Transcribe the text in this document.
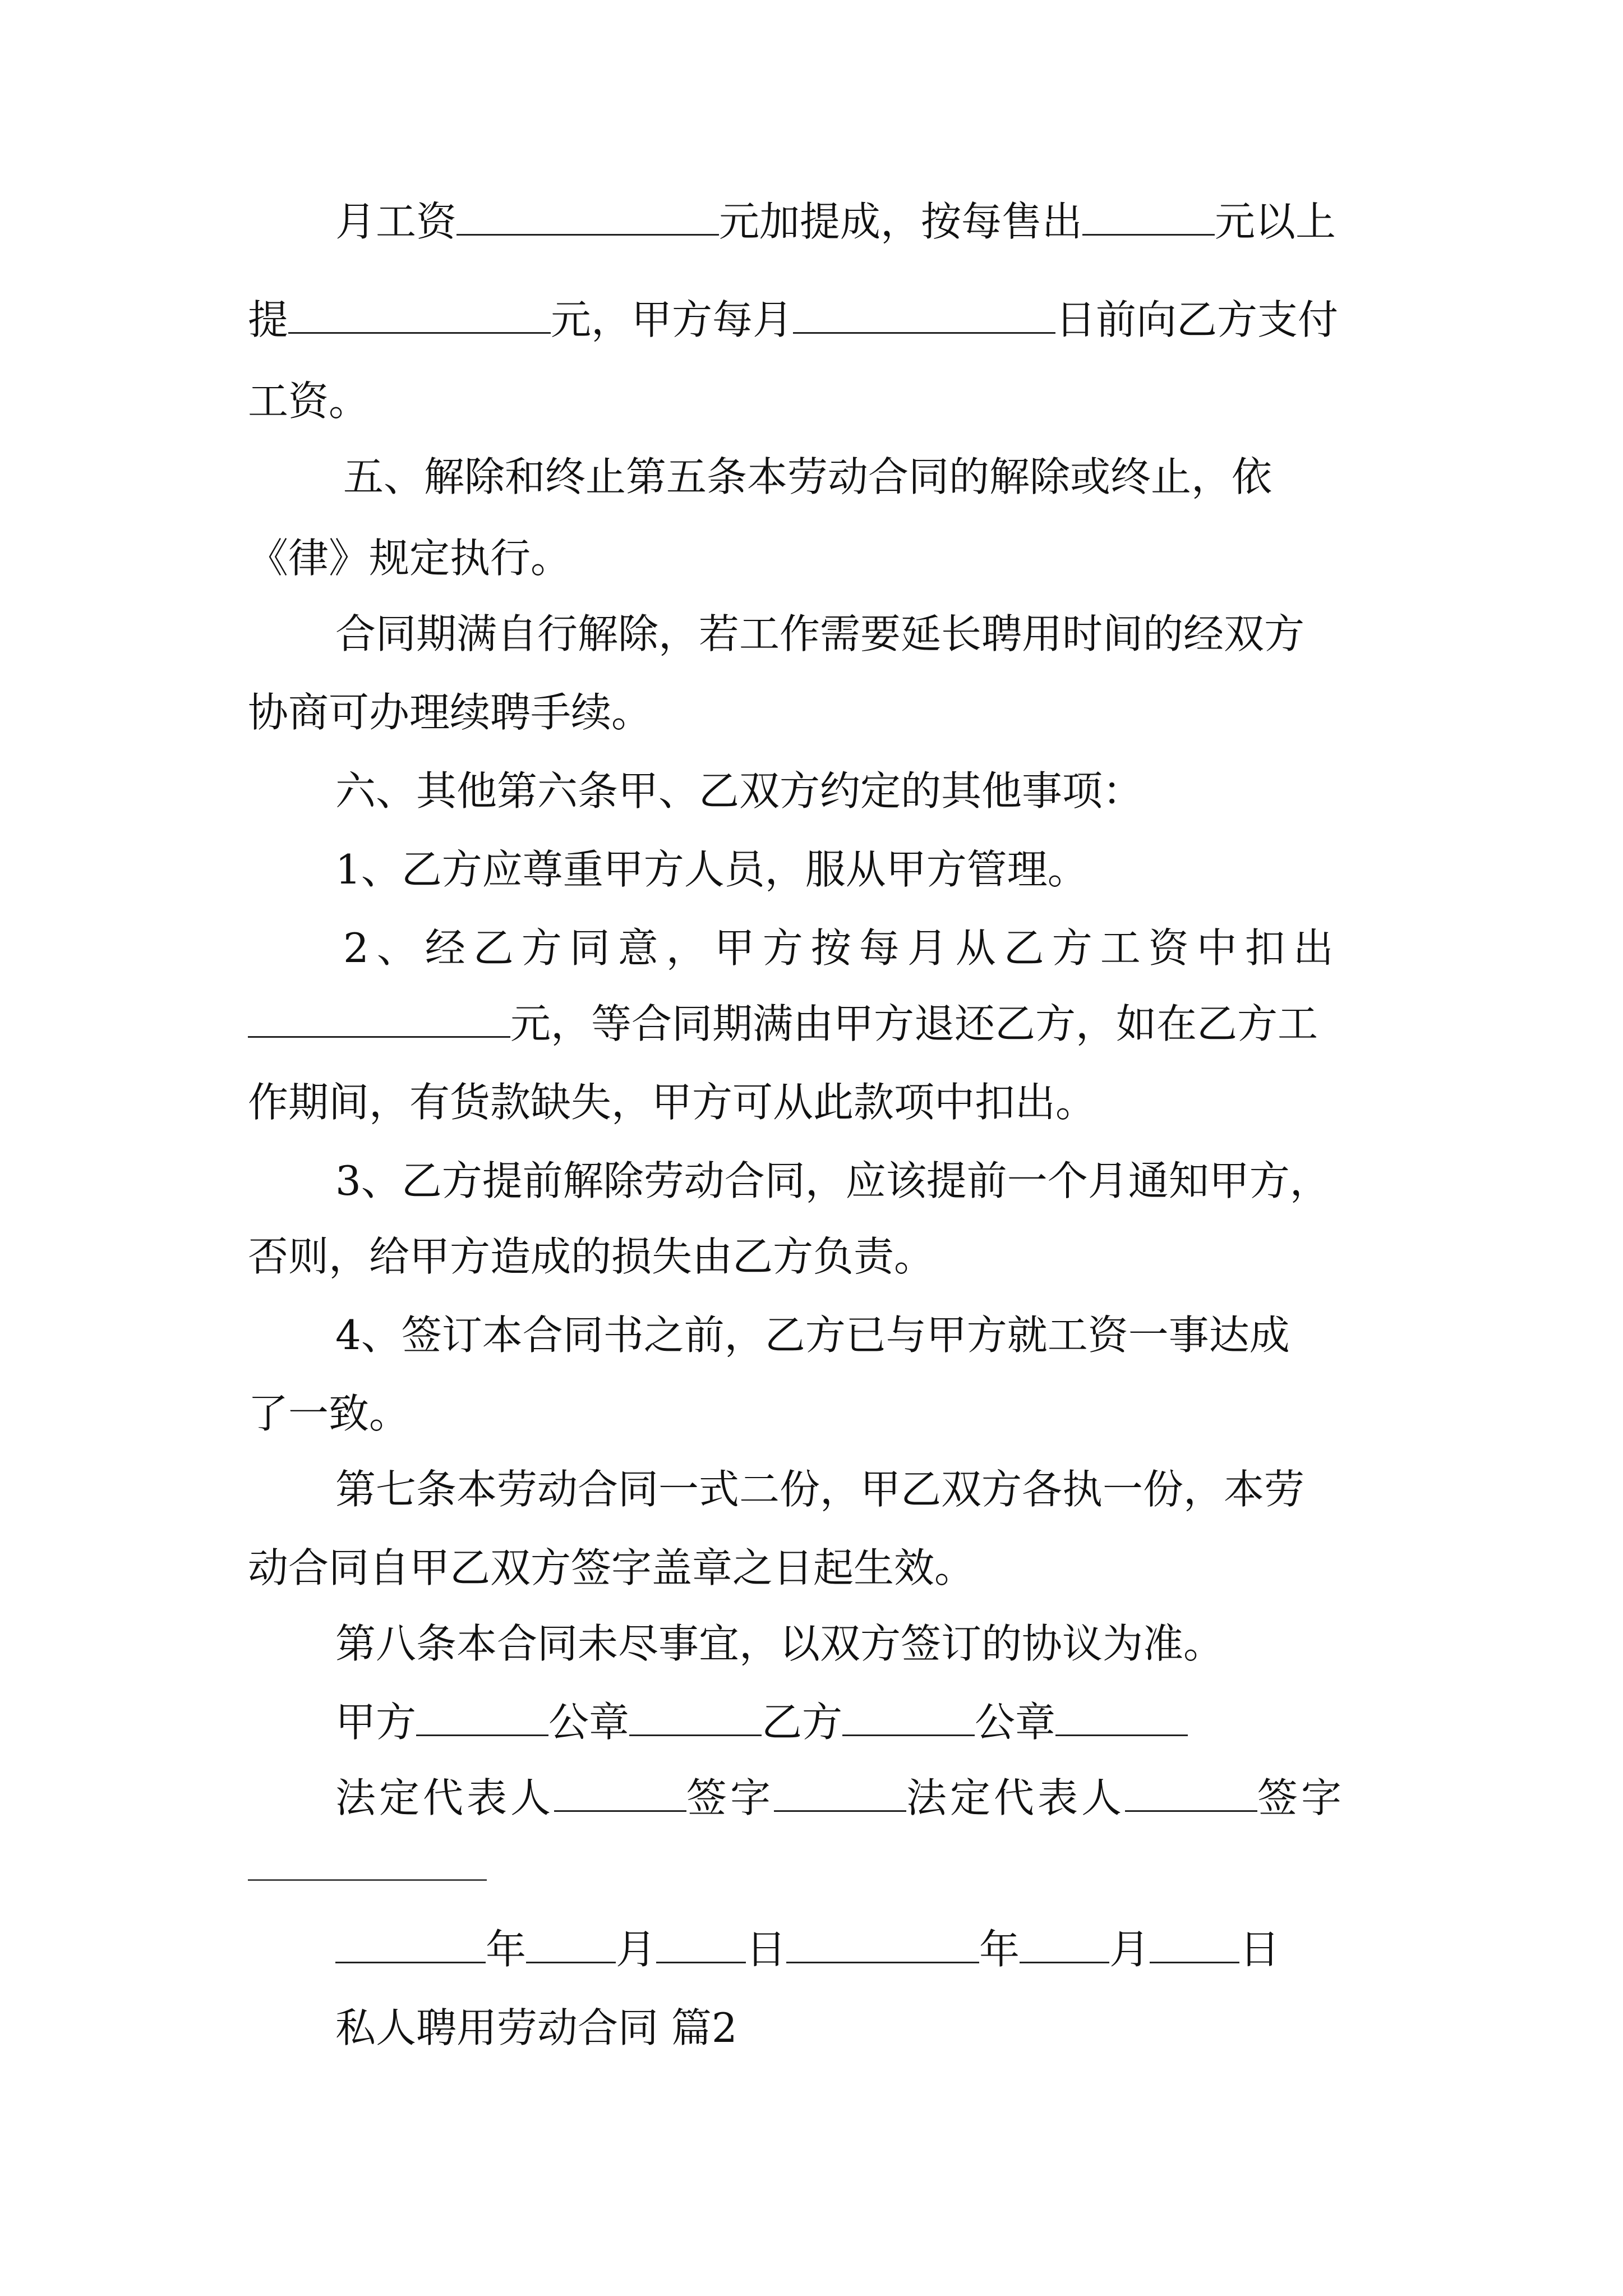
月工资	元加提成，按每售出	元以上
提	元，甲方每月	日前向乙方支付
工资。
五、解除和终止第五条本劳动合同的解除或终止，依
《律》规定执行。
合同期满自行解除，若工作需要延长聘用时间的经双方
协商可办理续聘手续。
六、其他第六条甲、乙双方约定的其他事项：
1、乙方应尊重甲方人员，服从甲方管理。
2、经乙方同意，甲方按每月从乙方工资中扣出
元，等合同期满由甲方退还乙方，如在乙方工
作期间，有货款缺失，甲方可从此款项中扣出。
3、乙方提前解除劳动合同，应该提前一个月通知甲方，
否则，给甲方造成的损失由乙方负责。
4、签订本合同书之前，乙方已与甲方就工资一事达成
了一致。
第七条本劳动合同一式二份，甲乙双方各执一份，本劳
动合同自甲乙双方签字盖章之日起生效。
第八条本合同未尽事宜，以双方签订的协议为准。
甲方	公章	乙方	公章
法定代表人	签字	法定代表人	签字
年 月 日	年 月 日
私人聘用劳动合同 篇2
